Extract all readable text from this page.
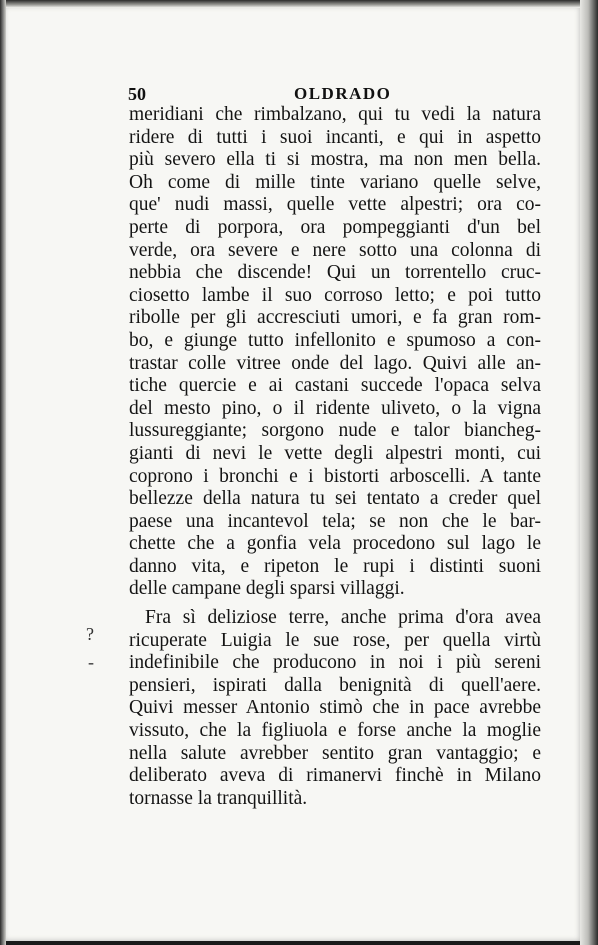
50	OLDRADO
meridiani che rimbalzano, qui tu vedi la natura
ridere di tutti i suoi incanti, e qui in aspetto
più severo ella ti si mostra, ma non men bella.
Oh come di mille tinte variano quelle selve,
que' nudi massi, quelle vette alpestri; ora co-
perte di porpora, ora pompeggianti d'un bel
verde, ora severe e nere sotto una colonna di
nebbia che discende! Qui un torrentello cruc-
ciosetto lambe il suo corroso letto; e poi tutto
ribolle per gli accresciuti umori, e fa gran rom-
bo, e giunge tutto infellonito e spumoso a con-
trastar colle vitree onde del lago. Quivi alle an-
tiche quercie e ai castani succede l'opaca selva
del mesto pino, o il ridente uliveto, o la vigna
lussureggiante; sorgono nude e talor biancheg-
gianti di nevi le vette degli alpestri monti, cui
coprono i bronchi e i bistorti arboscelli. A tante
bellezze della natura tu sei tentato a creder quel
paese una incantevol tela; se non che le bar-
chette che a gonfia vela procedono sul lago le
danno vita, e ripeton le rupi i distinti suoni
delle campane degli sparsi villaggi.
Fra sì deliziose terre, anche prima d'ora avea
ricuperate Luigia le sue rose, per quella virtù
indefinibile che producono in noi i più sereni
pensieri, ispirati dalla benignità di quell'aere.
Quivi messer Antonio stimò che in pace avrebbe
vissuto, che la figliuola e forse anche la moglie
nella salute avrebber sentito gran vantaggio; e
deliberato aveva di rimanervi finchè in Milano
tornasse la tranquillità.
?
-
